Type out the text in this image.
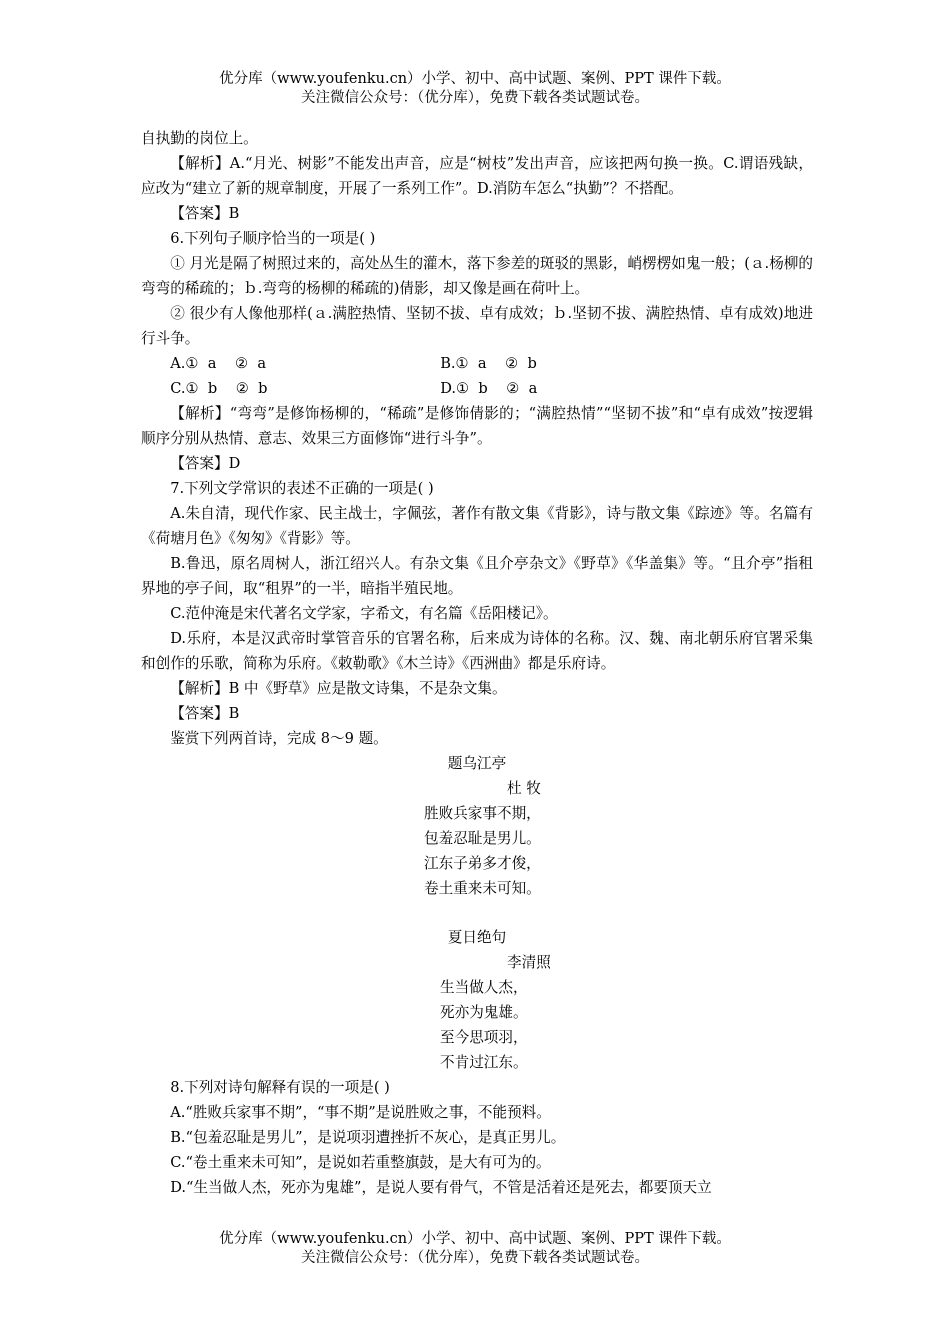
优分库（www.youfenku.cn）小学、初中、高中试题、案例、PPT 课件下载。
关注微信公众号：（优分库），免费下载各类试题试卷。

自执勤的岗位上。

【解析】A.“月光、树影”不能发出声音，应是“树枝”发出声音，应该把两句换一换。C.谓语残缺，应改为“建立了新的规章制度，开展了一系列工作”。D.消防车怎么“执勤”？不搭配。

【答案】B

6.下列句子顺序恰当的一项是( )

① 月光是隔了树照过来的，高处丛生的灌木，落下参差的斑驳的黑影，峭楞楞如鬼一般；(ａ.杨柳的弯弯的稀疏的；ｂ.弯弯的杨柳的稀疏的)倩影，却又像是画在荷叶上。

② 很少有人像他那样(ａ.满腔热情、坚韧不拔、卓有成效；ｂ.坚韧不拔、满腔热情、卓有成效)地进行斗争。

A.①  a    ②  a	B.①  a    ②  b
C.①  b    ②  b	D.①  b    ②  a

【解析】“弯弯”是修饰杨柳的，“稀疏”是修饰倩影的；“满腔热情”“坚韧不拔”和“卓有成效”按逻辑顺序分别从热情、意志、效果三方面修饰“进行斗争”。

【答案】D

7.下列文学常识的表述不正确的一项是( )

A.朱自清，现代作家、民主战士，字佩弦，著作有散文集《背影》，诗与散文集《踪迹》等。名篇有《荷塘月色》《匆匆》《背影》等。

B.鲁迅，原名周树人，浙江绍兴人。有杂文集《且介亭杂文》《野草》《华盖集》等。“且介亭”指租界地的亭子间，取“租界”的一半，暗指半殖民地。

C.范仲淹是宋代著名文学家，字希文，有名篇《岳阳楼记》。

D.乐府，本是汉武帝时掌管音乐的官署名称，后来成为诗体的名称。汉、魏、南北朝乐府官署采集和创作的乐歌，简称为乐府。《敕勒歌》《木兰诗》《西洲曲》都是乐府诗。

【解析】B 中《野草》应是散文诗集，不是杂文集。

【答案】B

鉴赏下列两首诗，完成 8～9 题。

题乌江亭

杜 牧

胜败兵家事不期，

包羞忍耻是男儿。

江东子弟多才俊，

卷土重来未可知。

夏日绝句

李清照

生当做人杰，

死亦为鬼雄。

至今思项羽，

不肯过江东。

8.下列对诗句解释有误的一项是( )

A.“胜败兵家事不期”，“事不期”是说胜败之事，不能预料。

B.“包羞忍耻是男儿”，是说项羽遭挫折不灰心，是真正男儿。

C.“卷土重来未可知”，是说如若重整旗鼓，是大有可为的。

D.“生当做人杰，死亦为鬼雄”，是说人要有骨气，不管是活着还是死去，都要顶天立

优分库（www.youfenku.cn）小学、初中、高中试题、案例、PPT 课件下载。
关注微信公众号：（优分库），免费下载各类试题试卷。
